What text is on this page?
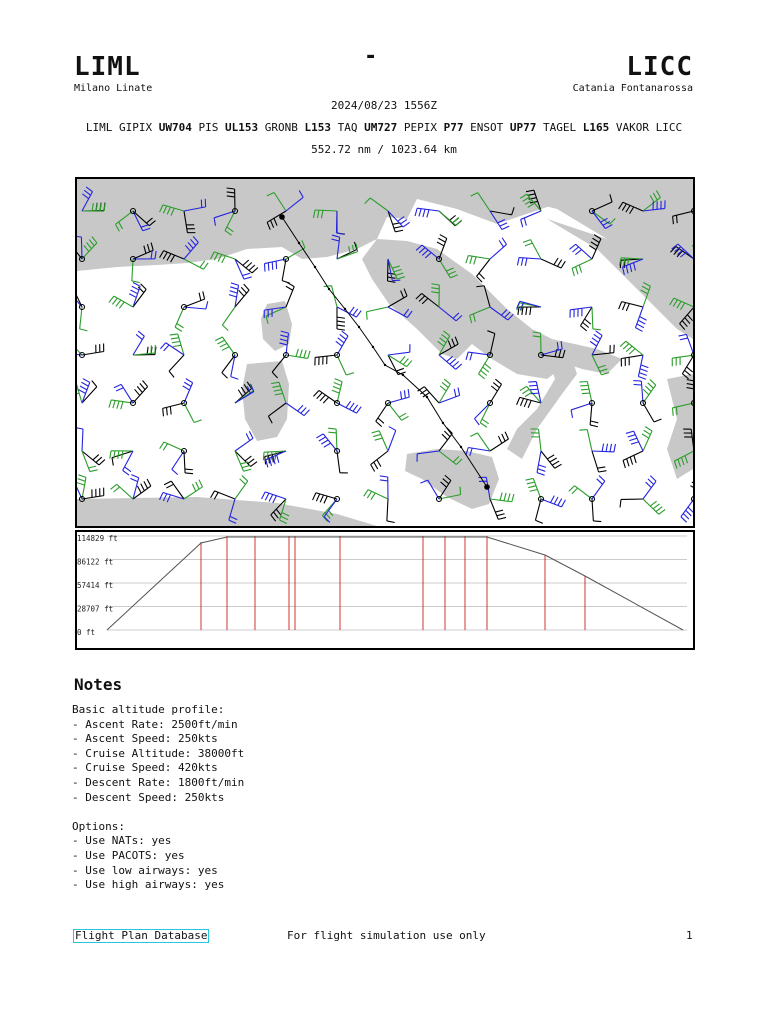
LIML	LICC
-
Milano Linate	Catania Fontanarossa
2024/08/23 1556Z
LIML GIPIX UW704 PIS UL153 GRONB L153 TAQ UM727 PEPIX P77 ENSOT UP77 TAGEL L165 VAKOR LICC
552.72 nm / 1023.64 km
114829 ft
86122 ft
57414 ft
28707 ft
0 ft
Notes
Basic altitude profile:
- Ascent Rate: 2500ft/min
- Ascent Speed: 250kts
- Cruise Altitude: 38000ft
- Cruise Speed: 420kts
- Descent Rate: 1800ft/min
- Descent Speed: 250kts

Options:
- Use NATs: yes
- Use PACOTS: yes
- Use low airways: yes
- Use high airways: yes
Flight Plan Database	For flight simulation use only	1
